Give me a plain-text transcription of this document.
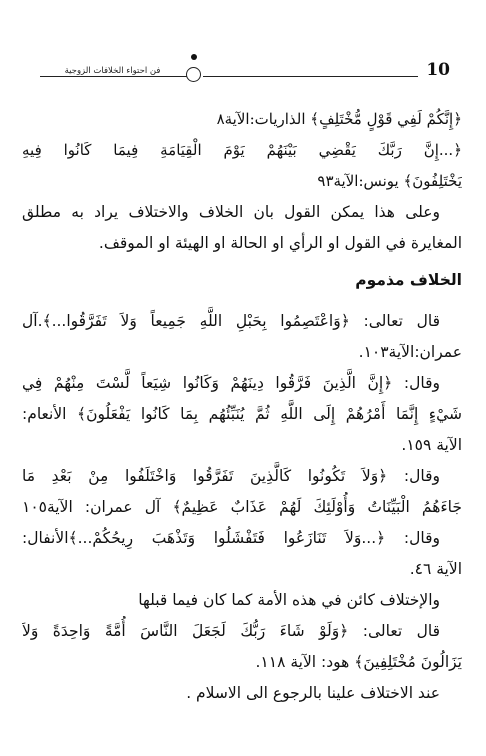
فن احتواء الخلافات الزوجية	10
﴿إِنَّكُمْ لَفِي قَوْلٍ مُّخْتَلِفٍ﴾ الذاريات:الآية٨
﴿...إِنَّ رَبَّكَ يَقْضِي بَيْنَهُمْ يَوْمَ الْقِيَامَةِ فِيمَا كَانُوا فِيهِ
يَخْتَلِفُونَ﴾ يونس:الآية٩٣
وعلى هذا يمكن القول بان الخلاف والاختلاف يراد به مطلق
المغايرة في القول او الرأي او الحالة او الهيئة او الموقف.
الخلاف مذموم
قال تعالى: ﴿وَاعْتَصِمُوا بِحَبْلِ اللَّهِ جَمِيعاً وَلاَ تَفَرَّقُوا...﴾.آل
عمران:الآية١٠٣.
وقال: ﴿إِنَّ الَّذِينَ فَرَّقُوا دِينَهُمْ وَكَانُوا شِيَعاً لَّسْتَ مِنْهُمْ فِي
شَيْءٍ إِنَّمَا أَمْرُهُمْ إِلَى اللَّهِ ثُمَّ يُنَبِّئُهُم بِمَا كَانُوا يَفْعَلُونَ﴾ الأنعام:
الآية ١٥٩.
وقال: ﴿وَلاَ تَكُونُوا كَالَّذِينَ تَفَرَّقُوا وَاخْتَلَفُوا مِنْ بَعْدِ مَا
جَاءَهُمُ الْبَيِّنَاتُ وَأُوْلَئِكَ لَهُمْ عَذَابٌ عَظِيمٌ﴾ آل عمران: الآية١٠٥
وقال: ﴿...وَلاَ تَنَازَعُوا فَتَفْشَلُوا وَتَذْهَبَ رِيحُكُمْ...﴾الأنفال:
الآية ٤٦.
والإختلاف كائن في هذه الأمة كما كان فيما قبلها
قال تعالى: ﴿وَلَوْ شَاءَ رَبُّكَ لَجَعَلَ النَّاسَ أُمَّةً وَاحِدَةً وَلاَ
يَزَالُونَ مُخْتَلِفِينَ﴾ هود: الآية ١١٨.
عند الاختلاف علينا بالرجوع الى الاسلام .
